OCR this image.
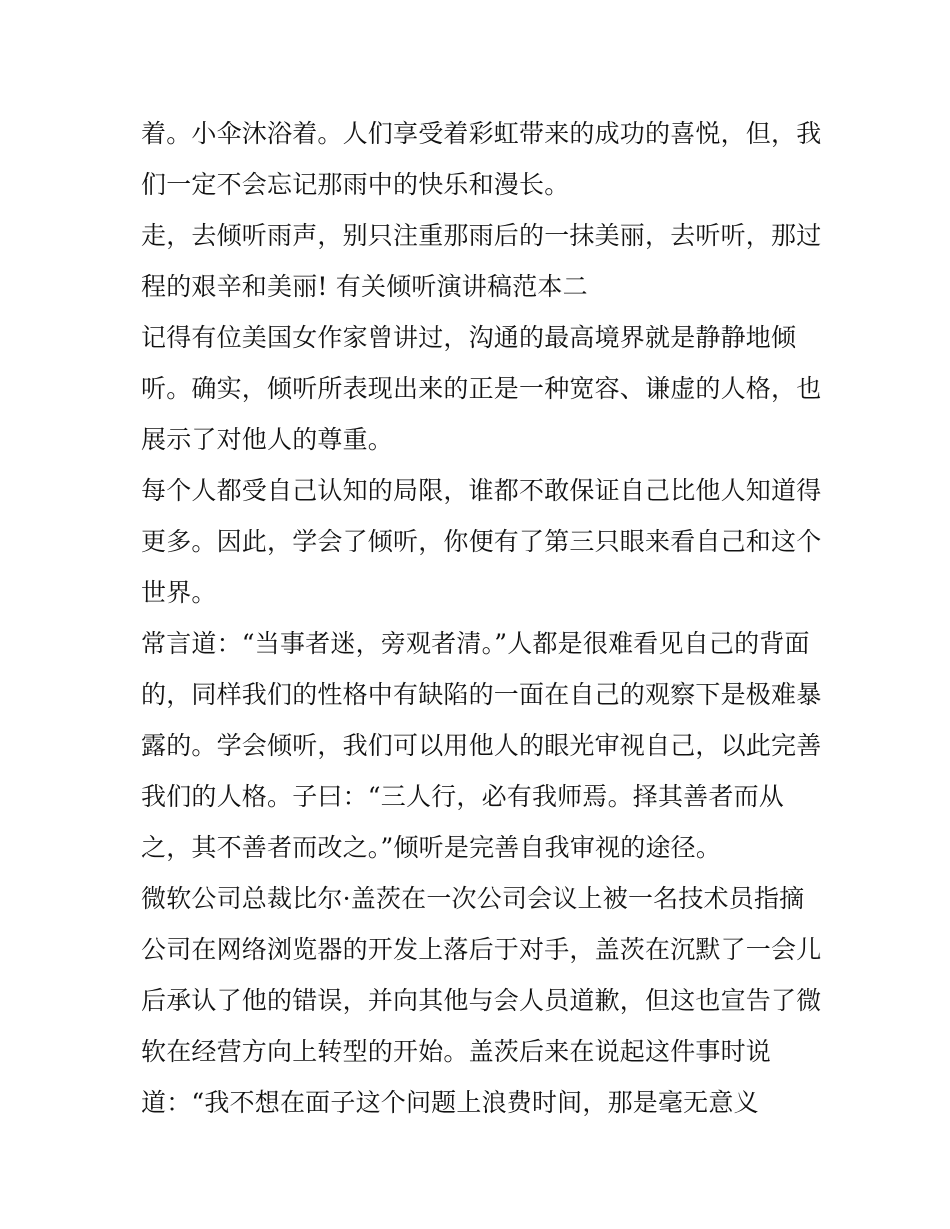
着。小伞沐浴着。人们享受着彩虹带来的成功的喜悦，但，我
们一定不会忘记那雨中的快乐和漫长。
走，去倾听雨声，别只注重那雨后的一抹美丽，去听听，那过
程的艰辛和美丽! 有关倾听演讲稿范本二
记得有位美国女作家曾讲过，沟通的最高境界就是静静地倾
听。确实，倾听所表现出来的正是一种宽容、谦虚的人格，也
展示了对他人的尊重。
每个人都受自己认知的局限，谁都不敢保证自己比他人知道得
更多。因此，学会了倾听，你便有了第三只眼来看自己和这个
世界。
常言道：“当事者迷，旁观者清。”人都是很难看见自己的背面
的，同样我们的性格中有缺陷的一面在自己的观察下是极难暴
露的。学会倾听，我们可以用他人的眼光审视自己，以此完善
我们的人格。子曰：“三人行，必有我师焉。择其善者而从
之，其不善者而改之。”倾听是完善自我审视的途径。
微软公司总裁比尔·盖茨在一次公司会议上被一名技术员指摘
公司在网络浏览器的开发上落后于对手，盖茨在沉默了一会儿
后承认了他的错误，并向其他与会人员道歉，但这也宣告了微
软在经营方向上转型的开始。盖茨后来在说起这件事时说
道：“我不想在面子这个问题上浪费时间，那是毫无意义
